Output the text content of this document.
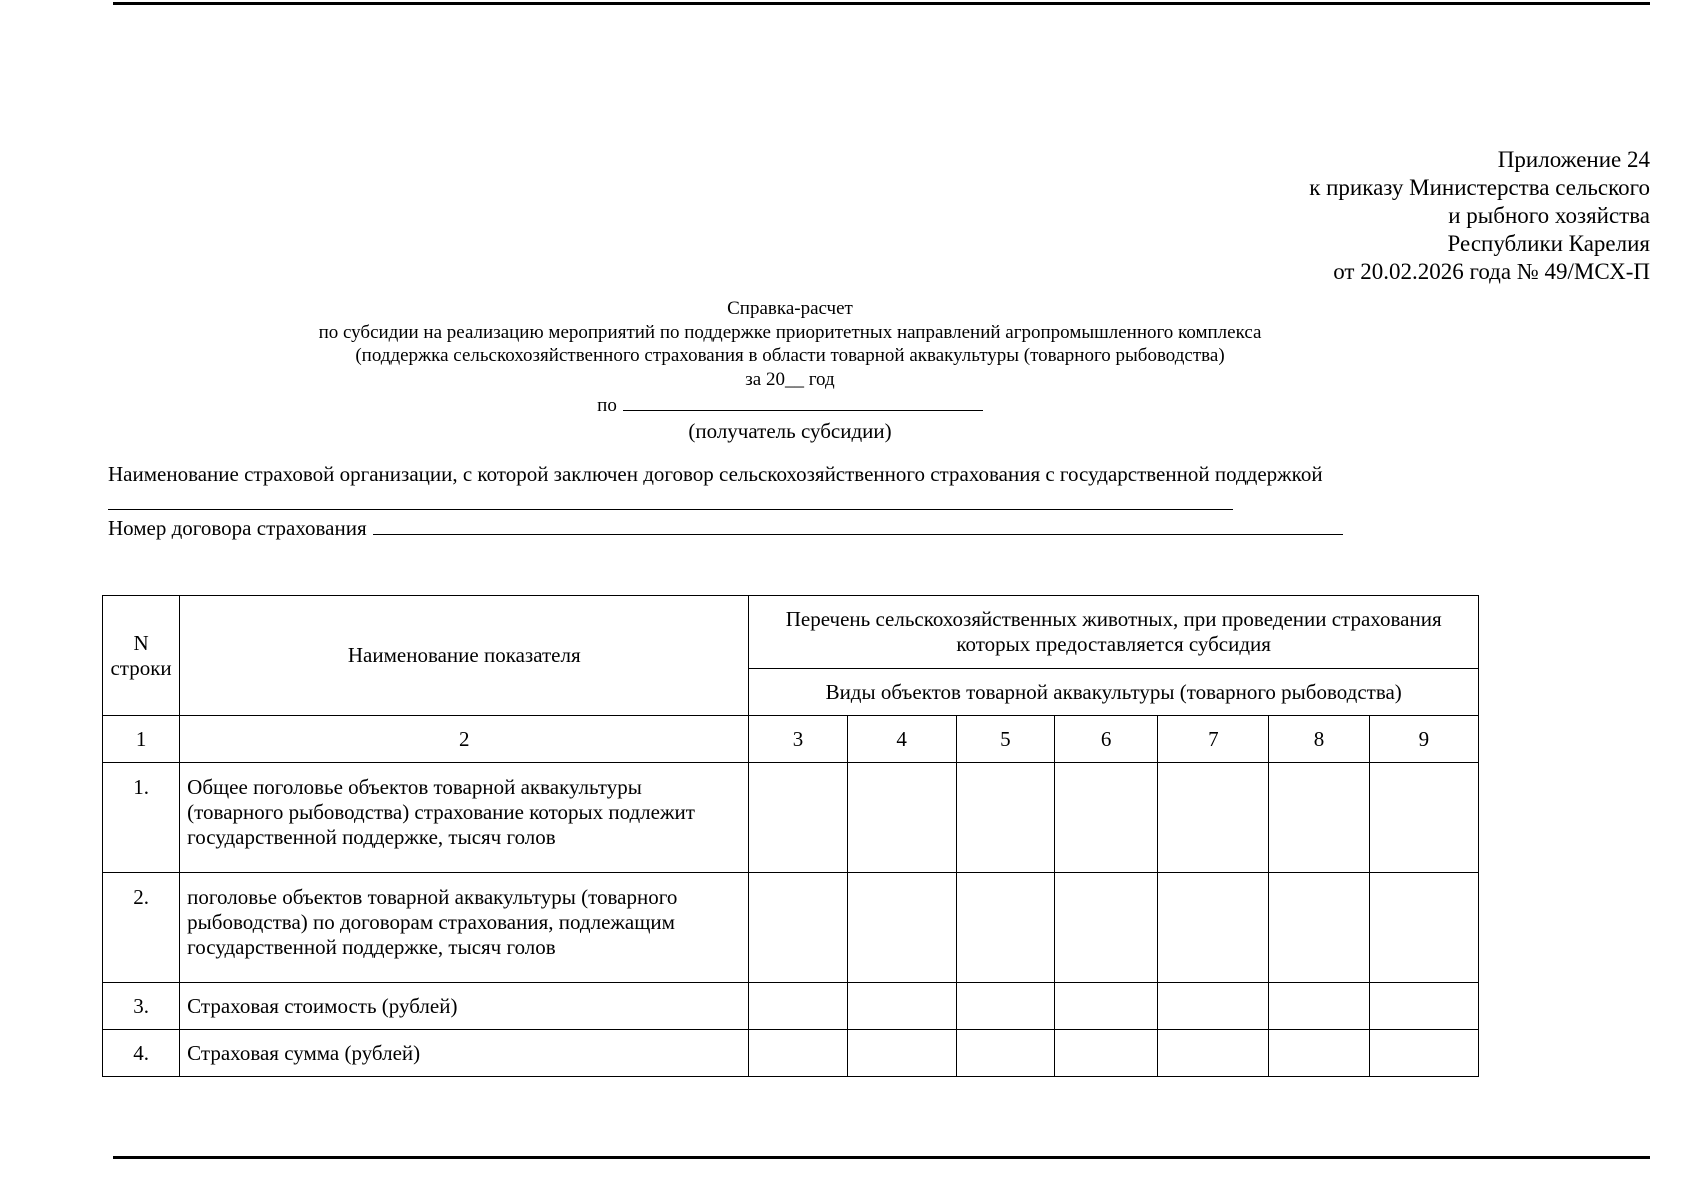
Приложение 24
к приказу Министерства сельского
и рыбного хозяйства
Республики Карелия
от 20.02.2026 года № 49/МСХ-П
Справка-расчет
по субсидии на реализацию мероприятий по поддержке приоритетных направлений агропромышленного комплекса
(поддержка сельскохозяйственного страхования в области товарной аквакультуры (товарного рыбоводства)
за 20__ год
по
(получатель субсидии)
Наименование страховой организации, с которой заключен договор сельскохозяйственного страхования с государственной поддержкой
Номер договора страхования
N строки	Наименование показателя	Перечень сельскохозяйственных животных, при проведении страхования которых предоставляется субсидия						
		Виды объектов товарной аквакультуры (товарного рыбоводства)						
1	2	3	4	5	6	7	8	9
1.	Общее поголовье объектов товарной аквакультуры (товарного рыбоводства) страхование которых подлежит государственной поддержке, тысяч голов							
2.	поголовье объектов товарной аквакультуры (товарного рыбоводства) по договорам страхования, подлежащим государственной поддержке, тысяч голов							
3.	Страховая стоимость (рублей)							
4.	Страховая сумма (рублей)							
